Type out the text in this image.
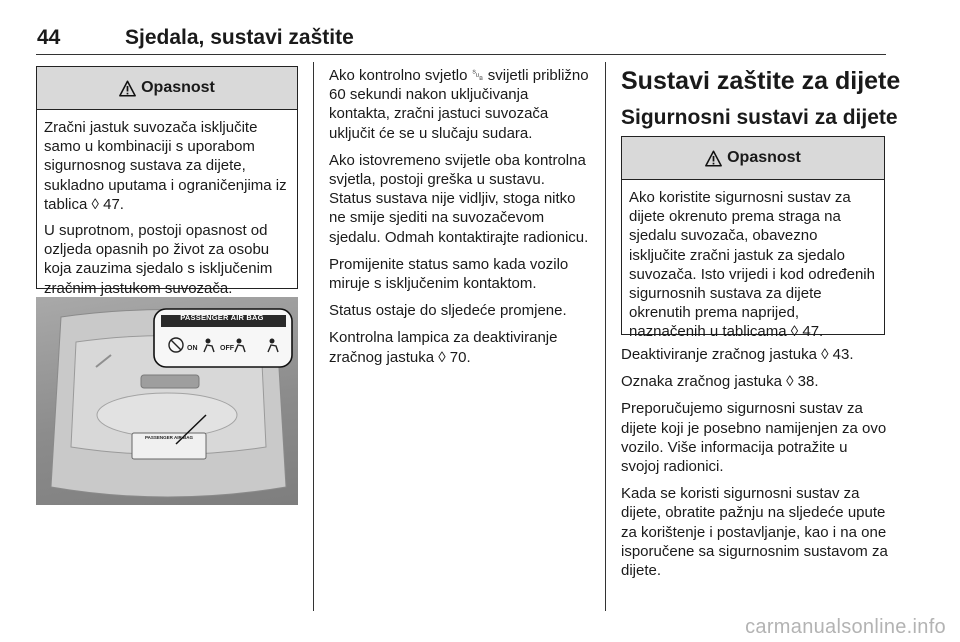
44	Sjedala, sustavi zaštite
Opasnost

Zračni jastuk suvozača isključite samo u kombinaciji s uporabom sigurnosnog sustava za dijete, sukladno uputama i ograničenjima iz tablica ◊ 47.

U suprotnom, postoji opasnost od ozljeda opasnih po život za osobu koja zauzima sjedalo s isključenim zračnim jastukom suvozača.

PASSENGER AIR BAG
ON	OFF
PASSENGER AIR BAG

Ako kontrolno svjetlo ␚ svijetli približno 60 sekundi nakon uključivanja kontakta, zračni jastuci suvozača uključit će se u slučaju sudara.

Ako istovremeno svijetle oba kontrolna svjetla, postoji greška u sustavu. Status sustava nije vidljiv, stoga nitko ne smije sjediti na suvozačevom sjedalu. Odmah kontaktirajte radionicu.

Promijenite status samo kada vozilo miruje s isključenim kontaktom.

Status ostaje do sljedeće promjene.

Kontrolna lampica za deaktiviranje zračnog jastuka ◊ 70.

Sustavi zaštite za dijete
Sigurnosni sustavi za dijete
Opasnost

Ako koristite sigurnosni sustav za dijete okrenuto prema straga na sjedalu suvozača, obavezno isključite zračni jastuk za sjedalo suvozača. Isto vrijedi i kod određenih sigurnosnih sustava za dijete okrenutih prema naprijed, naznačenih u tablicama ◊ 47.

Deaktiviranje zračnog jastuka ◊ 43.

Oznaka zračnog jastuka ◊ 38.

Preporučujemo sigurnosni sustav za dijete koji je posebno namijenjen za ovo vozilo. Više informacija potražite u svojoj radionici.

Kada se koristi sigurnosni sustav za dijete, obratite pažnju na sljedeće upute za korištenje i postavljanje, kao i na one isporučene sa sigurnosnim sustavom za dijete.

carmanualsonline.info
